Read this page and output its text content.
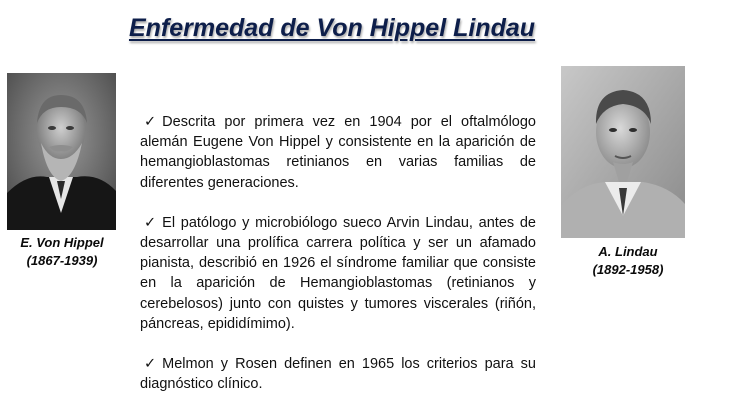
Enfermedad de Von Hippel Lindau
E. Von Hippel
(1867-1939)
A. Lindau
(1892-1958)

✓ Descrita por primera vez en 1904 por el oftalmólogo alemán Eugene Von Hippel y consistente en la aparición de hemangioblastomas retinianos en varias familias de diferentes generaciones.

✓ El patólogo y microbiólogo sueco Arvin Lindau, antes de desarrollar una prolífica carrera política y ser un afamado pianista, describió en 1926 el síndrome familiar que consiste en la aparición de Hemangioblastomas (retinianos y cerebelosos) junto con quistes y tumores viscerales (riñón, páncreas, epididímimo).

✓ Melmon y Rosen definen en 1965 los criterios para su diagnóstico clínico.
